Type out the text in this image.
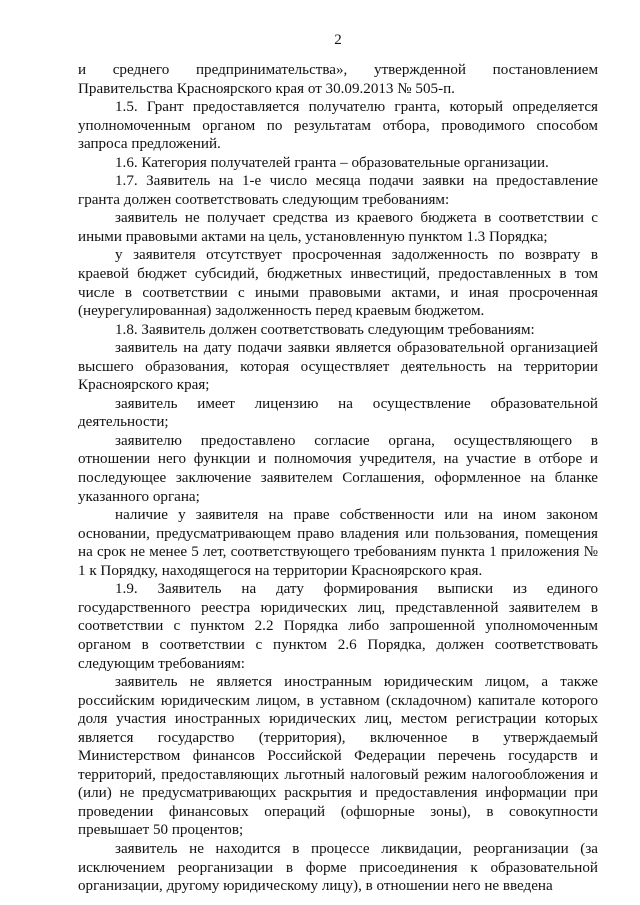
2

и среднего предпринимательства», утвержденной постановлением Правительства Красноярского края от 30.09.2013 № 505-п.

1.5. Грант предоставляется получателю гранта, который определяется уполномоченным органом по результатам отбора, проводимого способом запроса предложений.

1.6. Категория получателей гранта – образовательные организации.

1.7. Заявитель на 1-е число месяца подачи заявки на предоставление гранта должен соответствовать следующим требованиям:

заявитель не получает средства из краевого бюджета в соответствии с иными правовыми актами на цель, установленную пунктом 1.3 Порядка;

у заявителя отсутствует просроченная задолженность по возврату в краевой бюджет субсидий, бюджетных инвестиций, предоставленных в том числе в соответствии с иными правовыми актами, и иная просроченная (неурегулированная) задолженность перед краевым бюджетом.

1.8. Заявитель должен соответствовать следующим требованиям:

заявитель на дату подачи заявки является образовательной организацией высшего образования, которая осуществляет деятельность на территории Красноярского края;

заявитель имеет лицензию на осуществление образовательной деятельности;

заявителю предоставлено согласие органа, осуществляющего в отношении него функции и полномочия учредителя, на участие в отборе и последующее заключение заявителем Соглашения, оформленное на бланке указанного органа;

наличие у заявителя на праве собственности или на ином законом основании, предусматривающем право владения или пользования, помещения на срок не менее 5 лет, соответствующего требованиям пункта 1 приложения № 1 к Порядку, находящегося на территории Красноярского края.

1.9. Заявитель на дату формирования выписки из единого государственного реестра юридических лиц, представленной заявителем в соответствии с пунктом 2.2 Порядка либо запрошенной уполномоченным органом в соответствии с пунктом 2.6 Порядка, должен соответствовать следующим требованиям:

заявитель не является иностранным юридическим лицом, а также российским юридическим лицом, в уставном (складочном) капитале которого доля участия иностранных юридических лиц, местом регистрации которых является государство (территория), включенное в утверждаемый Министерством финансов Российской Федерации перечень государств и территорий, предоставляющих льготный налоговый режим налогообложения и (или) не предусматривающих раскрытия и предоставления информации при проведении финансовых операций (офшорные зоны), в совокупности превышает 50 процентов;

заявитель не находится в процессе ликвидации, реорганизации (за исключением реорганизации в форме присоединения к образовательной организации, другому юридическому лицу), в отношении него не введена
